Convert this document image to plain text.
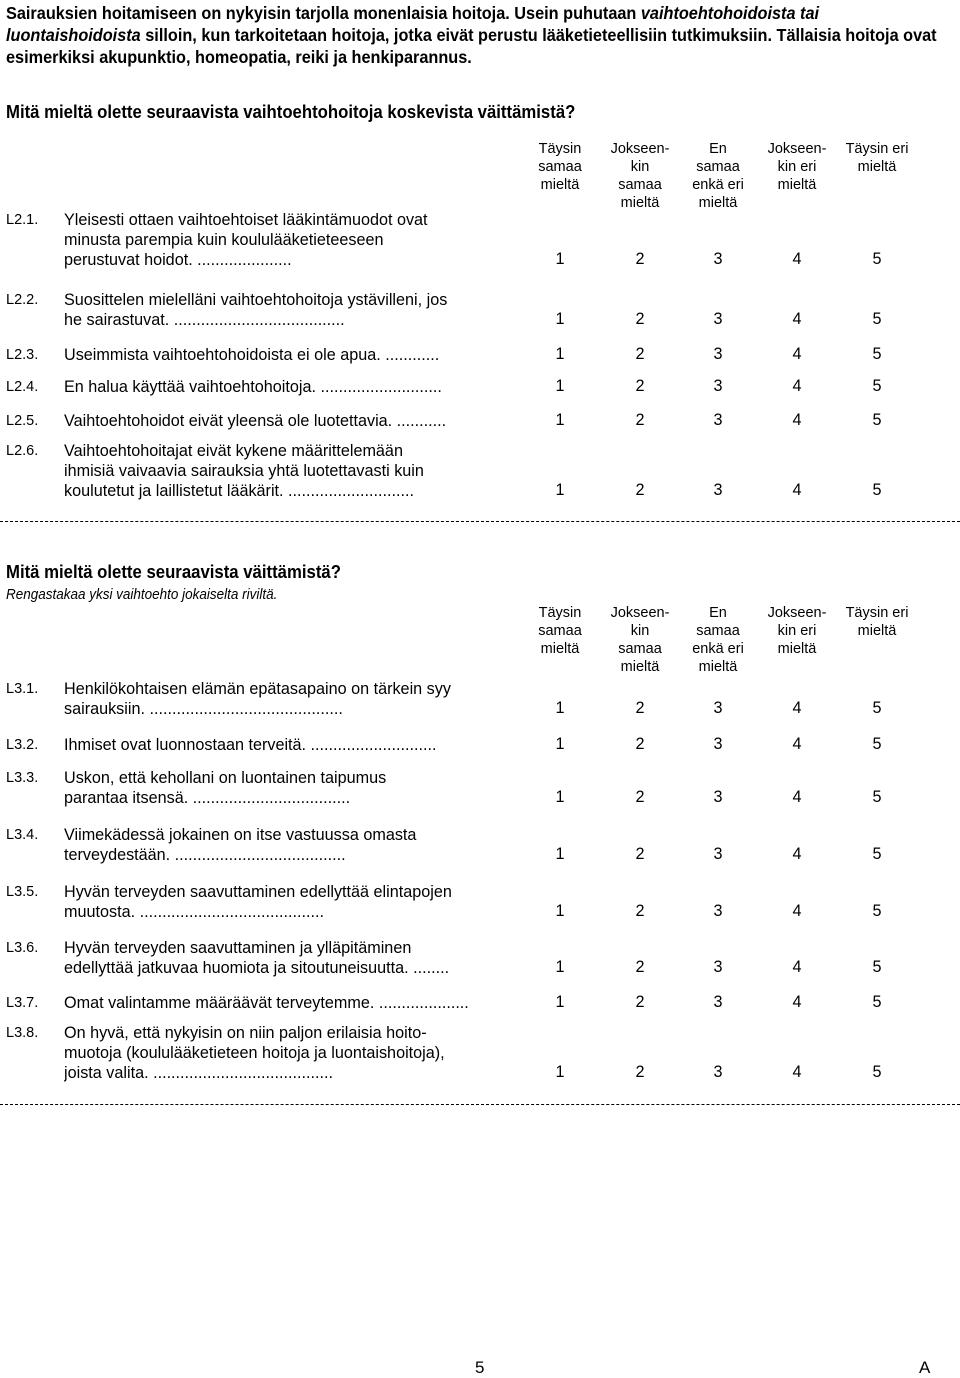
Sairauksien hoitamiseen on nykyisin tarjolla monenlaisia hoitoja. Usein puhutaan vaihtoehtohoidoista tai luontaishoidoista silloin, kun tarkoitetaan hoitoja, jotka eivät perustu lääketieteellisiin tutkimuksiin. Tällaisia hoitoja ovat esimerkiksi akupunktio, homeopatia, reiki ja henkiparannus.
Mitä mieltä olette seuraavista vaihtoehtohoitoja koskevista väittämistä?
Täysin
samaa
mieltä
Jokseen-
kin
samaa
mieltä
En
samaa
enkä eri
mieltä
Jokseen-
kin eri
mieltä
Täysin eri
mieltä
L2.1. Yleisesti ottaen vaihtoehtoiset lääkintämuodot ovat
minusta parempia kuin koululääketieteeseen
perustuvat hoidot. .....................	1	2	3	4	5
L2.2. Suosittelen mielelläni vaihtoehtohoitoja ystävilleni, jos
he sairastuvat. ......................................	1	2	3	4	5
L2.3. Useimmista vaihtoehtohoidoista ei ole apua. ............	1	2	3	4	5
L2.4. En halua käyttää vaihtoehtohoitoja. ...........................	1	2	3	4	5
L2.5. Vaihtoehtohoidot eivät yleensä ole luotettavia. ...........	1	2	3	4	5
L2.6. Vaihtoehtohoitajat eivät kykene määrittelemään
ihmisiä vaivaavia sairauksia yhtä luotettavasti kuin
koulutetut ja laillistetut lääkärit. ............................	1	2	3	4	5
Mitä mieltä olette seuraavista väittämistä?
Rengastakaa yksi vaihtoehto jokaiselta riviltä.
Täysin
samaa
mieltä
Jokseen-
kin
samaa
mieltä
En
samaa
enkä eri
mieltä
Jokseen-
kin eri
mieltä
Täysin eri
mieltä
L3.1. Henkilökohtaisen elämän epätasapaino on tärkein syy
sairauksiin. ...........................................	1	2	3	4	5
L3.2. Ihmiset ovat luonnostaan terveitä. ............................	1	2	3	4	5
L3.3. Uskon, että kehollani on luontainen taipumus
parantaa itsensä. ...................................	1	2	3	4	5
L3.4. Viimekädessä jokainen on itse vastuussa omasta
terveydestään. ......................................	1	2	3	4	5
L3.5. Hyvän terveyden saavuttaminen edellyttää elintapojen
muutosta. .........................................	1	2	3	4	5
L3.6. Hyvän terveyden saavuttaminen ja ylläpitäminen
edellyttää jatkuvaa huomiota ja sitoutuneisuutta. ........	1	2	3	4	5
L3.7. Omat valintamme määräävät terveytemme. ....................	1	2	3	4	5
L3.8. On hyvä, että nykyisin on niin paljon erilaisia hoito-
muotoja (koululääketieteen hoitoja ja luontaishoitoja),
joista valita. ........................................	1	2	3	4	5
5	A
